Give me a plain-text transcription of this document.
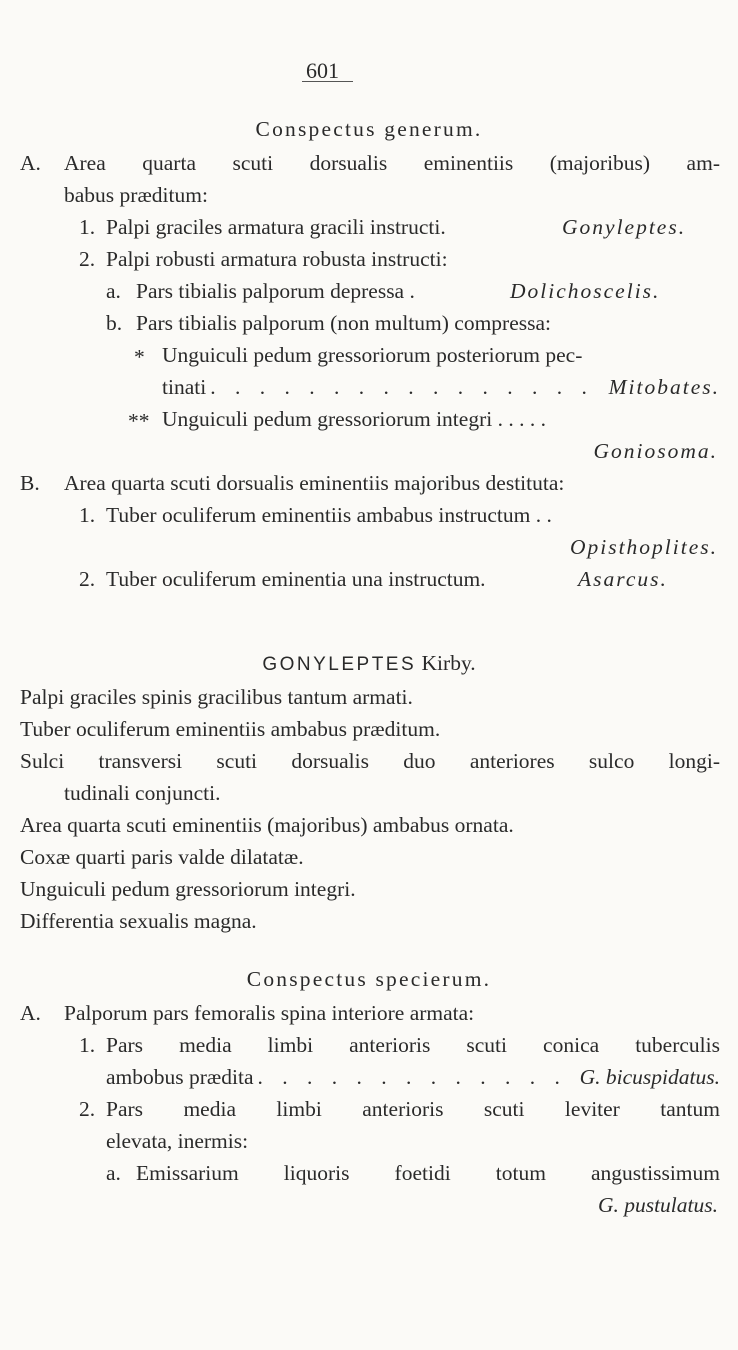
601
Conspectus generum.
A. Area quarta scuti dorsualis eminentiis (majoribus) am-
babus præditum:
1. Palpi graciles armatura gracili instructi.	Gonyleptes.
2. Palpi robusti armatura robusta instructi:
a. Pars tibialis palporum depressa .	Dolichoscelis.
b. Pars tibialis palporum (non multum) compressa:
* Unguiculi pedum gressoriorum posteriorum pec-
tinati . . .	Mitobates.
** Unguiculi pedum gressoriorum integri . . . . .
Goniosoma.
B. Area quarta scuti dorsualis eminentiis majoribus destituta:
1. Tuber oculiferum eminentiis ambabus instructum . .
Opisthoplites.
2. Tuber oculiferum eminentia una instructum.	Asarcus.
GONYLEPTES Kirby.
Palpi graciles spinis gracilibus tantum armati.
Tuber oculiferum eminentiis ambabus præditum.
Sulci transversi scuti dorsualis duo anteriores sulco longi-
tudinali conjuncti.
Area quarta scuti eminentiis (majoribus) ambabus ornata.
Coxæ quarti paris valde dilatatæ.
Unguiculi pedum gressoriorum integri.
Differentia sexualis magna.
Conspectus specierum.
A. Palporum pars femoralis spina interiore armata:
1. Pars media limbi anterioris scuti conica tuberculis
ambobus prædita . . .	G. bicuspidatus.
2. Pars media limbi anterioris scuti leviter tantum
elevata, inermis:
a. Emissarium liquoris foetidi totum angustissimum
G. pustulatus.
